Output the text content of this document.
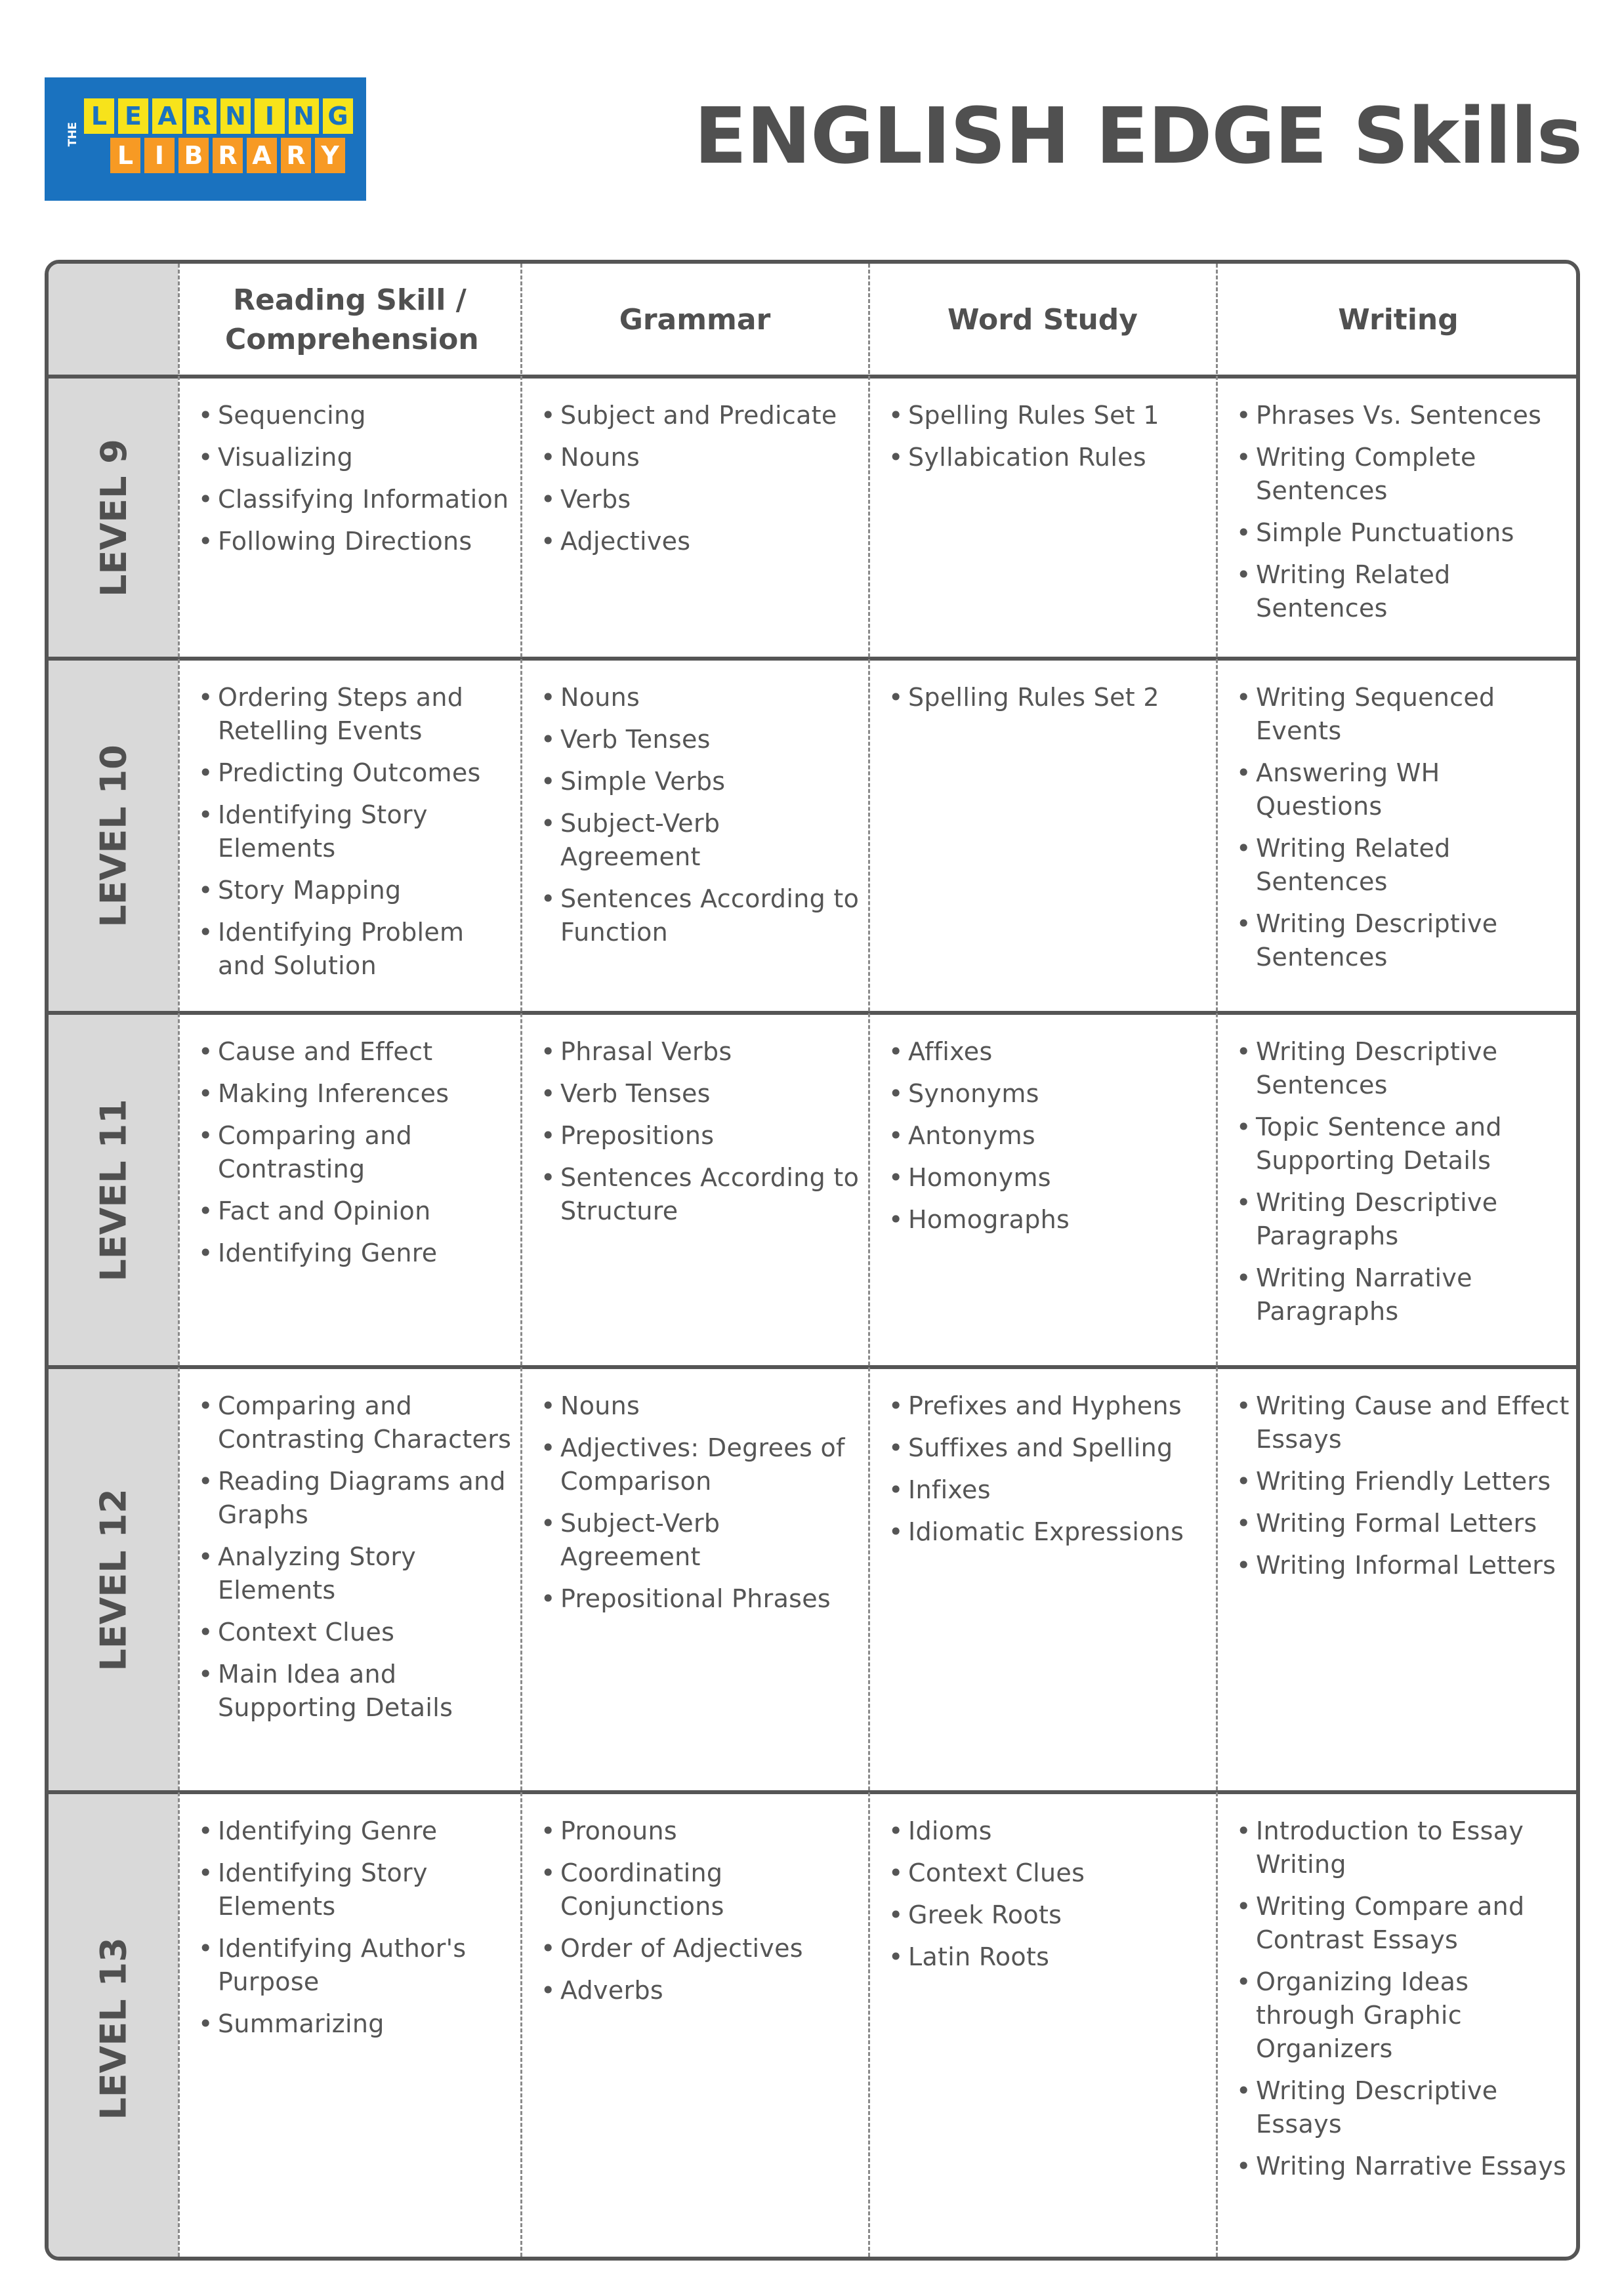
THE
L E A R N I N G
L I B R A R Y	ENGLISH EDGE Skills
Reading Skill / Comprehension
Grammar	Word Study	Writing
LEVEL 9
• Sequencing
• Visualizing
• Classifying Information
• Following Directions
• Subject and Predicate
• Nouns
• Verbs
• Adjectives
• Spelling Rules Set 1
• Syllabication Rules
• Phrases Vs. Sentences
• Writing Complete Sentences
• Simple Punctuations
• Writing Related Sentences
LEVEL 10
• Ordering Steps and Retelling Events
• Predicting Outcomes
• Identifying Story Elements
• Story Mapping
• Identifying Problem and Solution
• Nouns
• Verb Tenses
• Simple Verbs
• Subject-Verb Agreement
• Sentences According to Function
• Spelling Rules Set 2
•	Writing Sequenced Events
• Answering WH Questions
• Writing Related Sentences
• Writing Descriptive Sentences
LEVEL 11
• Cause and Effect
• Making Inferences
• Comparing and Contrasting
• Fact and Opinion
• Identifying Genre
• Phrasal Verbs
• Verb Tenses
• Prepositions
• Sentences According to Structure
• Affixes
• Synonyms
• Antonyms
• Homonyms
• Homographs
• Writing Descriptive Sentences
• Topic Sentence and Supporting Details
• Writing Descriptive Paragraphs
• Writing Narrative Paragraphs
LEVEL 12
• Comparing and Contrasting Characters
• Reading Diagrams and Graphs
• Analyzing Story Elements
• Context Clues
• Main Idea and Supporting Details
• Nouns
• Adjectives: Degrees of Comparison
• Subject-Verb Agreement
• Prepositional Phrases
• Prefixes and Hyphens
• Suffixes and Spelling
• Infixes
• Idiomatic Expressions
• Writing Cause and Effect Essays
• Writing Friendly Letters
• Writing Formal Letters
• Writing Informal Letters
LEVEL 13
• Identifying Genre
• Identifying Story Elements
• Identifying Author's Purpose
• Summarizing
• Pronouns
• Coordinating Conjunctions
• Order of Adjectives
• Adverbs
• Idioms
• Context Clues
• Greek Roots
• Latin Roots
• Introduction to Essay Writing
• Writing Compare and Contrast Essays
• Organizing Ideas through Graphic Organizers
• Writing Descriptive Essays
• Writing Narrative Essays
